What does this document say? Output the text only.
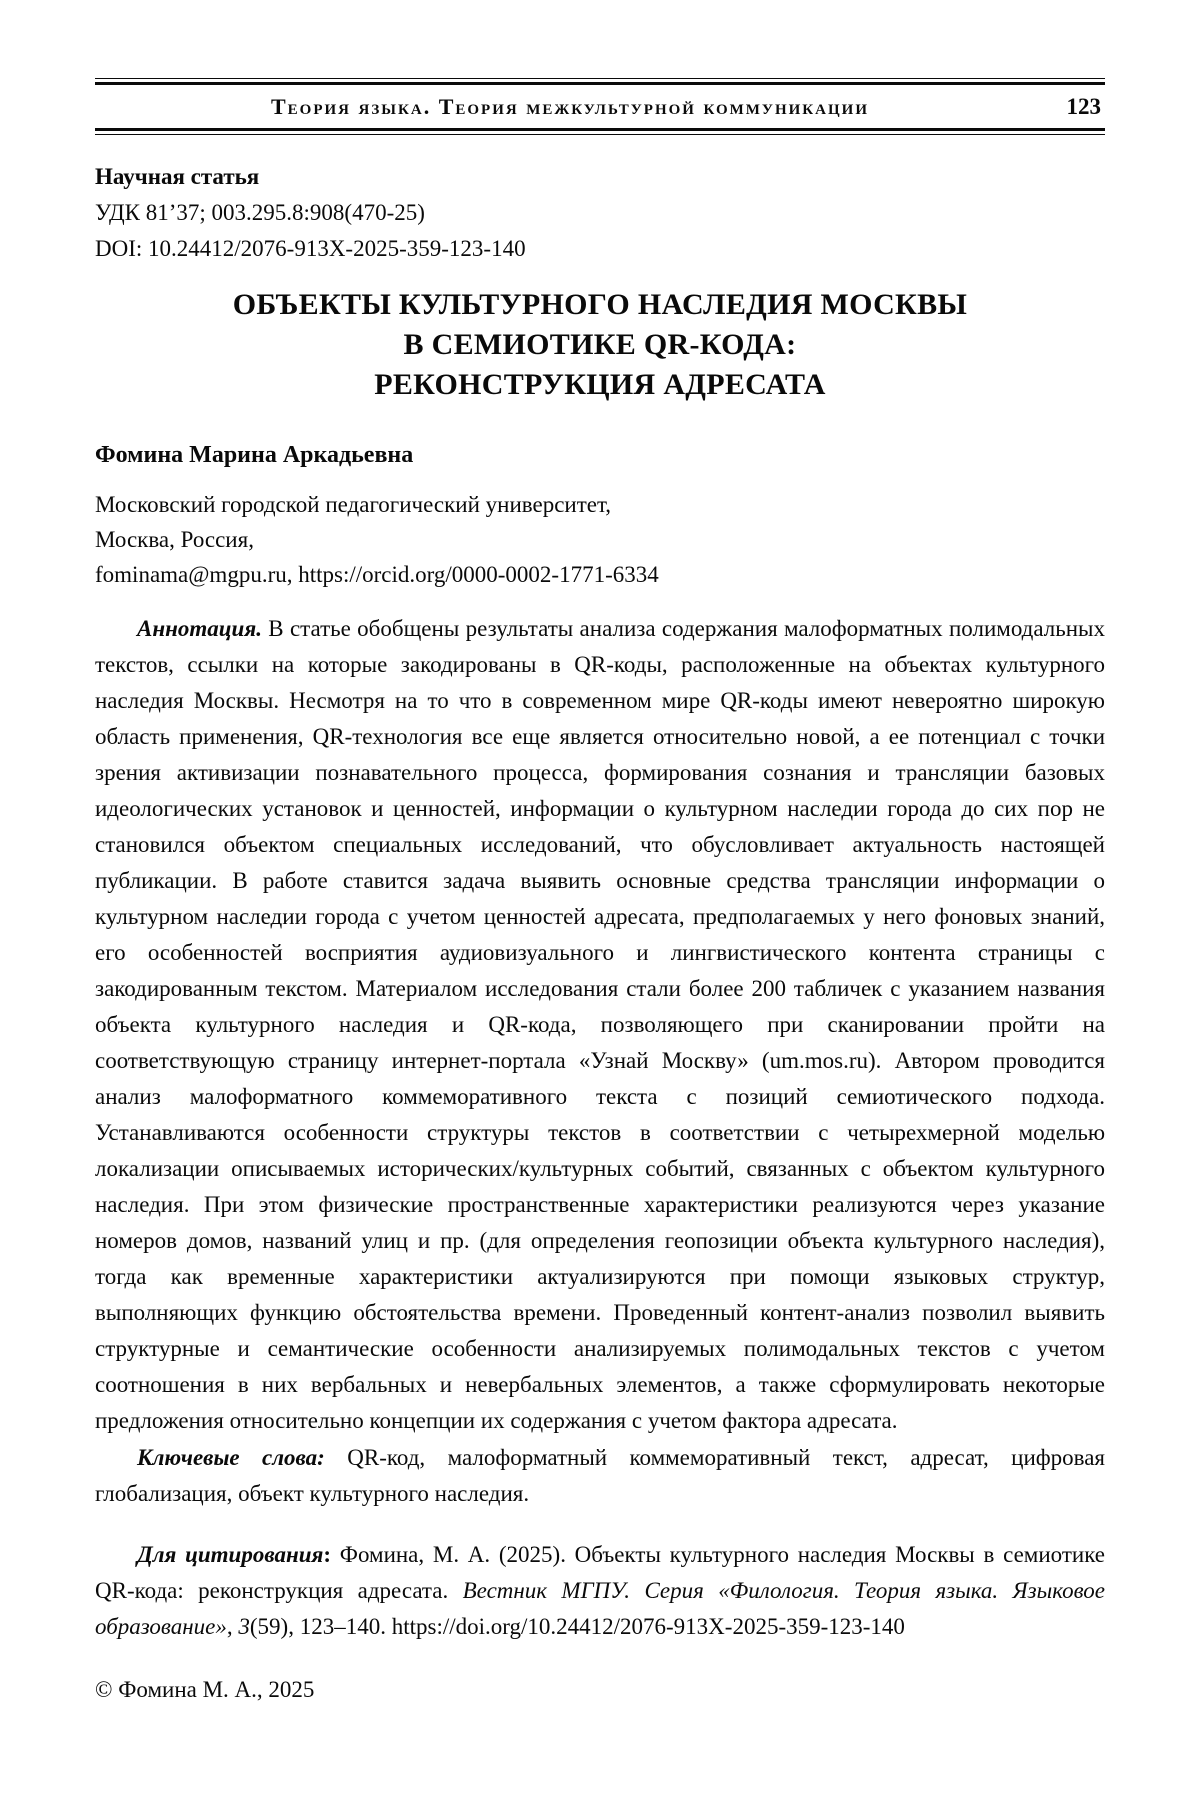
Теория языка. Теория межкультурной коммуникации	123
Научная статья
УДК 81’37; 003.295.8:908(470-25)
DOI: 10.24412/2076-913X-2025-359-123-140
ОБЪЕКТЫ КУЛЬТУРНОГО НАСЛЕДИЯ МОСКВЫ
В СЕМИОТИКЕ QR-КОДА:
РЕКОНСТРУКЦИЯ АДРЕСАТА
Фомина Марина Аркадьевна
Московский городской педагогический университет,
Москва, Россия,
fominama@mgpu.ru, https://orcid.org/0000-0002-1771-6334

Аннотация. В статье обобщены результаты анализа содержания малоформатных полимодальных текстов, ссылки на которые закодированы в QR-коды, расположенные на объектах культурного наследия Москвы. Несмотря на то что в современном мире QR-коды имеют невероятно широкую область применения, QR-технология все еще является относительно новой, а ее потенциал с точки зрения активизации познавательного процесса, формирования сознания и трансляции базовых идеологических установок и ценностей, информации о культурном наследии города до сих пор не становился объектом специальных исследований, что обусловливает актуальность настоящей публикации. В работе ставится задача выявить основные средства трансляции информации о культурном наследии города с учетом ценностей адресата, предполагаемых у него фоновых знаний, его особенностей восприятия аудиовизуального и лингвистического контента страницы с закодированным текстом. Материалом исследования стали более 200 табличек с указанием названия объекта культурного наследия и QR-кода, позволяющего при сканировании пройти на соответствующую страницу интернет-портала «Узнай Москву» (um.mos.ru). Автором проводится анализ малоформатного коммеморативного текста с позиций семиотического подхода. Устанавливаются особенности структуры текстов в соответствии с четырехмерной моделью локализации описываемых исторических/культурных событий, связанных с объектом культурного наследия. При этом физические пространственные характеристики реализуются через указание номеров домов, названий улиц и пр. (для определения геопозиции объекта культурного наследия), тогда как временные характеристики актуализируются при помощи языковых структур, выполняющих функцию обстоятельства времени. Проведенный контент-анализ позволил выявить структурные и семантические особенности анализируемых полимодальных текстов с учетом соотношения в них вербальных и невербальных элементов, а также сформулировать некоторые предложения относительно концепции их содержания с учетом фактора адресата.

Ключевые слова: QR-код, малоформатный коммеморативный текст, адресат, цифровая глобализация, объект культурного наследия.

Для цитирования: Фомина, М. А. (2025). Объекты культурного наследия Москвы в семиотике QR-кода: реконструкция адресата. Вестник МГПУ. Серия «Филология. Теория языка. Языковое образование», 3(59), 123–140. https://doi.org/10.24412/2076-913X-2025-359-123-140

© Фомина М. А., 2025
